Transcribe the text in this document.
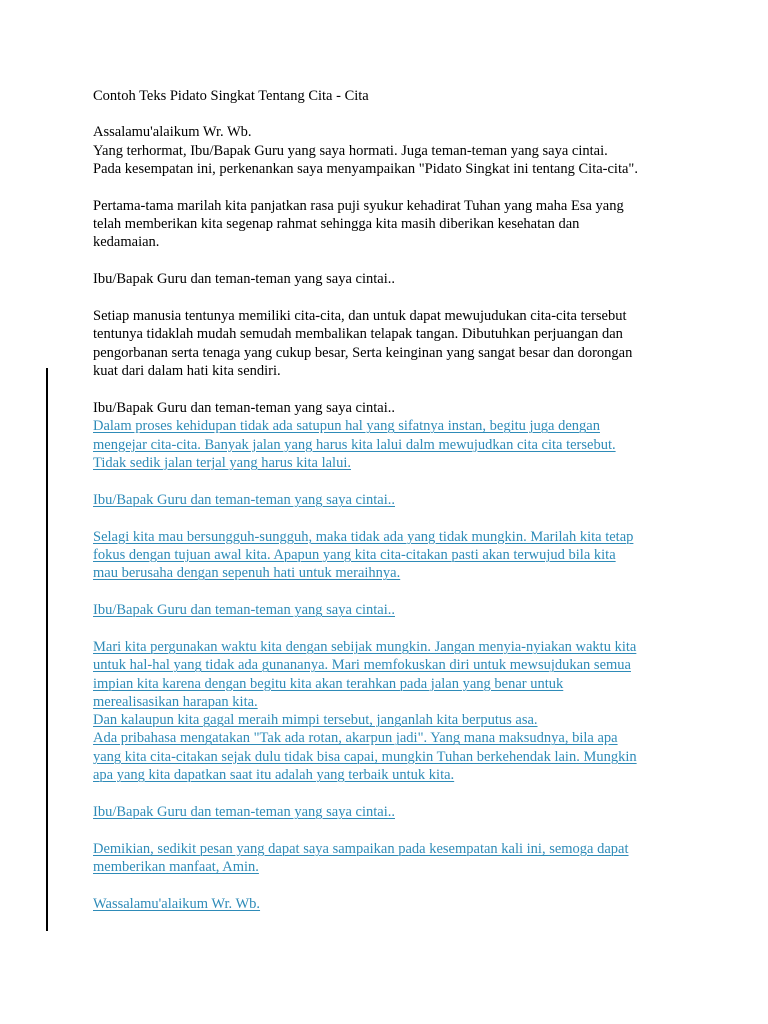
Contoh Teks Pidato Singkat Tentang Cita - Cita
Assalamu'alaikum Wr. Wb.
Yang terhormat, Ibu/Bapak Guru yang saya hormati. Juga teman-teman yang saya cintai.
Pada kesempatan ini, perkenankan saya menyampaikan "Pidato Singkat ini tentang Cita-cita".
Pertama-tama marilah kita panjatkan rasa puji syukur kehadirat Tuhan yang maha Esa yang
telah memberikan kita segenap rahmat sehingga kita masih diberikan kesehatan dan
kedamaian.
Ibu/Bapak Guru dan teman-teman yang saya cintai..
Setiap manusia tentunya memiliki cita-cita, dan untuk dapat mewujudukan cita-cita tersebut
tentunya tidaklah mudah semudah membalikan telapak tangan. Dibutuhkan perjuangan dan
pengorbanan serta tenaga yang cukup besar, Serta keinginan yang sangat besar dan dorongan
kuat dari dalam hati kita sendiri.
Ibu/Bapak Guru dan teman-teman yang saya cintai..
Dalam proses kehidupan tidak ada satupun hal yang sifatnya instan, begitu juga dengan
mengejar cita-cita. Banyak jalan yang harus kita lalui dalm mewujudkan cita cita tersebut.
Tidak sedik jalan terjal yang harus kita lalui.
Ibu/Bapak Guru dan teman-teman yang saya cintai..
Selagi kita mau bersungguh-sungguh, maka tidak ada yang tidak mungkin. Marilah kita tetap
fokus dengan tujuan awal kita. Apapun yang kita cita-citakan pasti akan terwujud bila kita
mau berusaha dengan sepenuh hati untuk meraihnya.
Ibu/Bapak Guru dan teman-teman yang saya cintai..
Mari kita pergunakan waktu kita dengan sebijak mungkin. Jangan menyia-nyiakan waktu kita
untuk hal-hal yang tidak ada gunananya. Mari memfokuskan diri untuk mewsujdukan semua
impian kita karena dengan begitu kita akan terahkan pada jalan yang benar untuk
merealisasikan harapan kita.
Dan kalaupun kita gagal meraih mimpi tersebut, janganlah kita berputus asa.
Ada pribahasa mengatakan "Tak ada rotan, akarpun jadi". Yang mana maksudnya, bila apa
yang kita cita-citakan sejak dulu tidak bisa capai, mungkin Tuhan berkehendak lain. Mungkin
apa yang kita dapatkan saat itu adalah yang terbaik untuk kita.
Ibu/Bapak Guru dan teman-teman yang saya cintai..
Demikian, sedikit pesan yang dapat saya sampaikan pada kesempatan kali ini, semoga dapat
memberikan manfaat, Amin.
Wassalamu'alaikum Wr. Wb.
